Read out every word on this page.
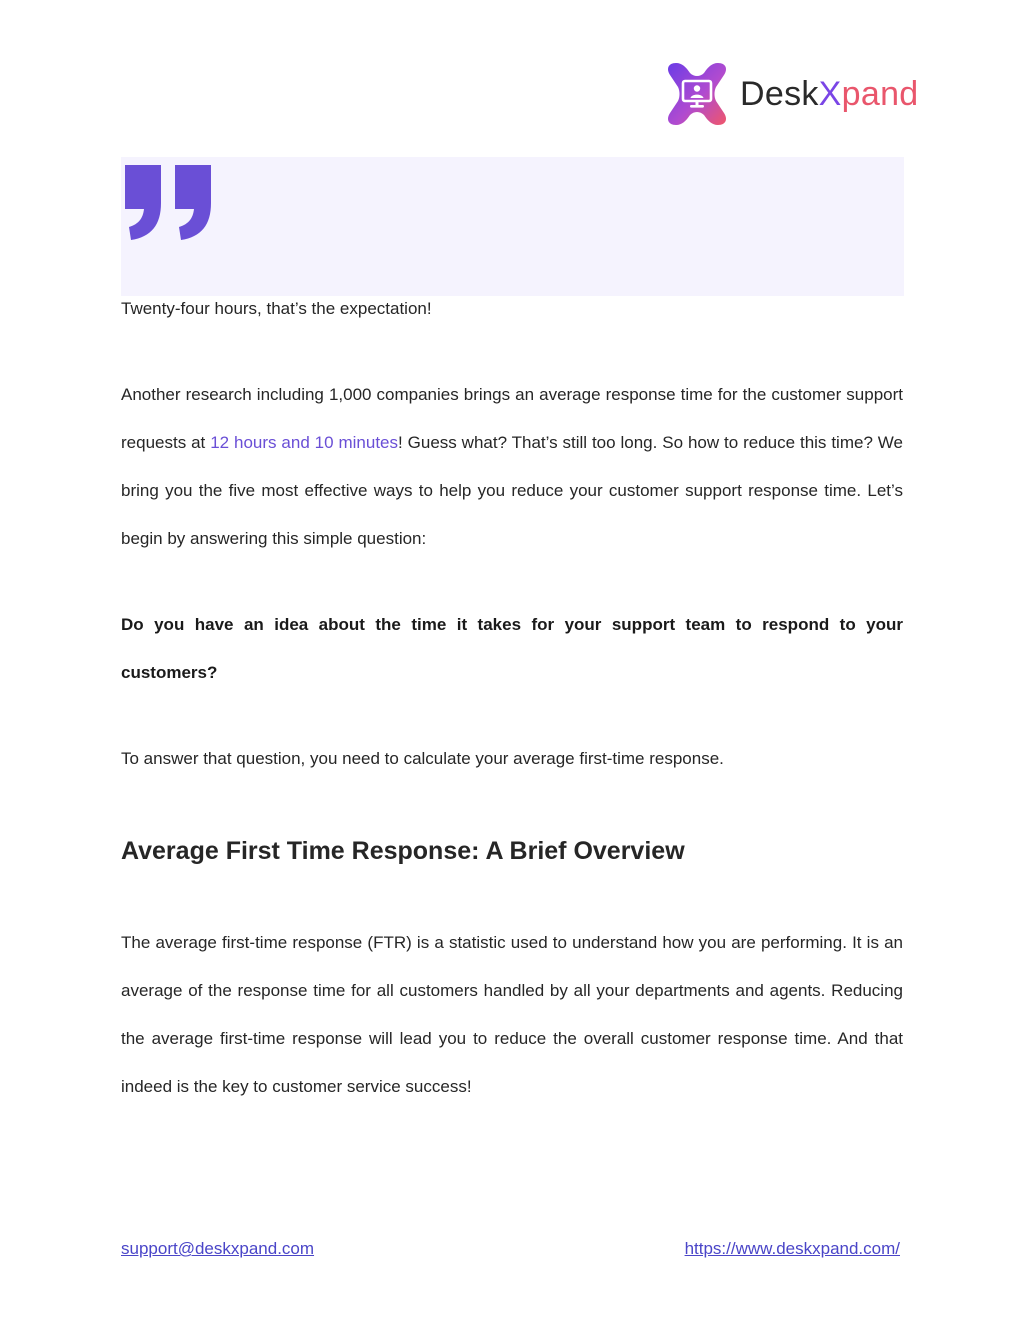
DeskXpand

Twenty-four hours, that’s the expectation!

Another research including 1,000 companies brings an average response time for the customer support requests at 12 hours and 10 minutes! Guess what? That’s still too long. So how to reduce this time? We bring you the five most effective ways to help you reduce your customer support response time. Let’s begin by answering this simple question:

Do you have an idea about the time it takes for your support team to respond to your customers?

To answer that question, you need to calculate your average first-time response.

Average First Time Response: A Brief Overview

The average first-time response (FTR) is a statistic used to understand how you are performing. It is an average of the response time for all customers handled by all your departments and agents. Reducing the average first-time response will lead you to reduce the overall customer response time. And that indeed is the key to customer service success!

support@deskxpand.com	https://www.deskxpand.com/
